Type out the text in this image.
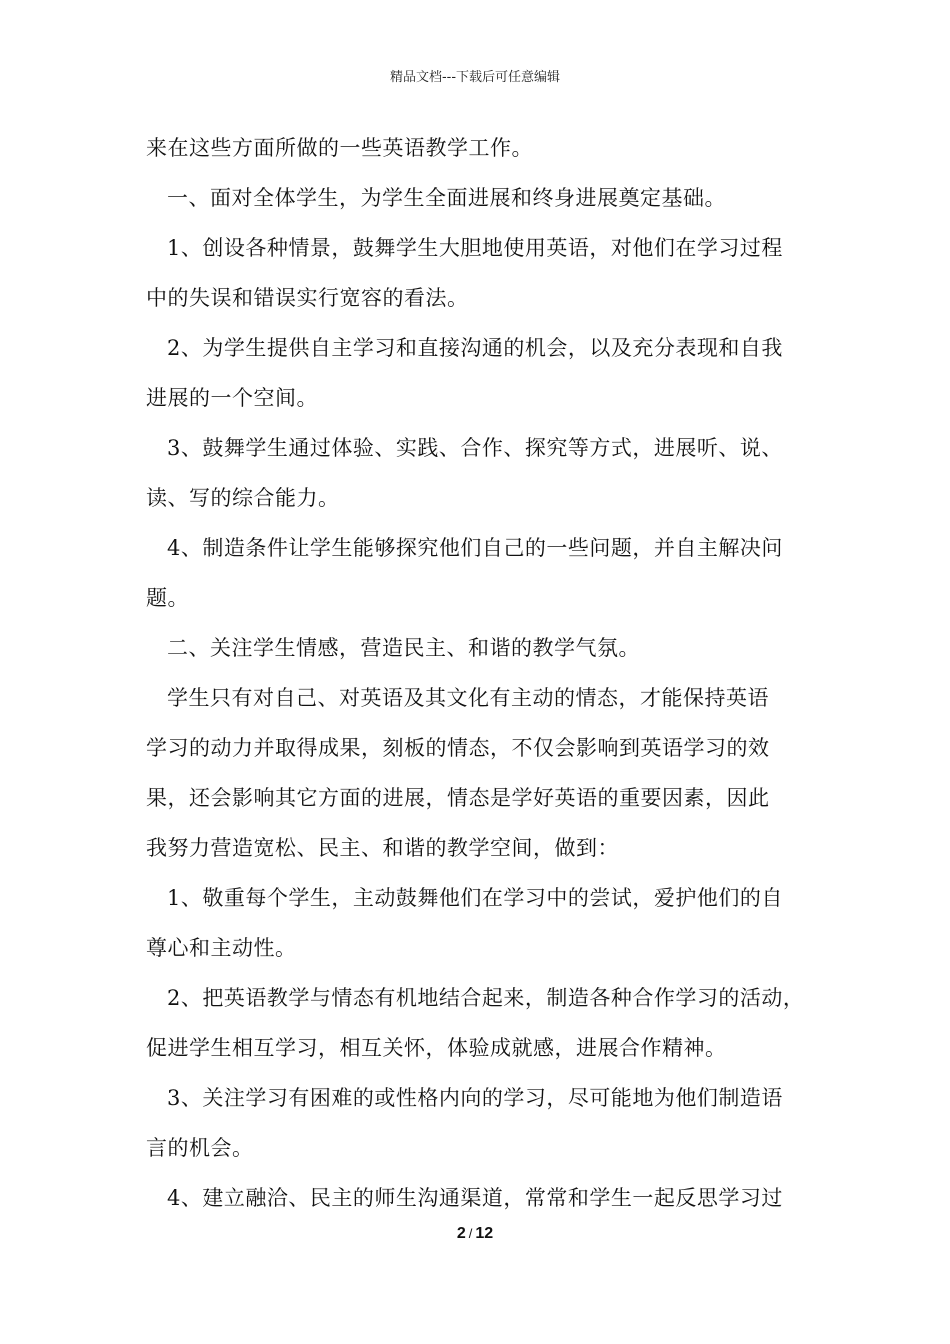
精品文档---下载后可任意编辑
来在这些方面所做的一些英语教学工作。
一、面对全体学生，为学生全面进展和终身进展奠定基础。
1、创设各种情景，鼓舞学生大胆地使用英语，对他们在学习过程
中的失误和错误实行宽容的看法。
2、为学生提供自主学习和直接沟通的机会，以及充分表现和自我
进展的一个空间。
3、鼓舞学生通过体验、实践、合作、探究等方式，进展听、说、
读、写的综合能力。
4、制造条件让学生能够探究他们自己的一些问题，并自主解决问
题。
二、关注学生情感，营造民主、和谐的教学气氛。
学生只有对自己、对英语及其文化有主动的情态，才能保持英语
学习的动力并取得成果，刻板的情态，不仅会影响到英语学习的效
果，还会影响其它方面的进展，情态是学好英语的重要因素，因此
我努力营造宽松、民主、和谐的教学空间，做到：
1、敬重每个学生，主动鼓舞他们在学习中的尝试，爱护他们的自
尊心和主动性。
2、把英语教学与情态有机地结合起来，制造各种合作学习的活动，
促进学生相互学习，相互关怀，体验成就感，进展合作精神。
3、关注学习有困难的或性格内向的学习，尽可能地为他们制造语
言的机会。
4、建立融洽、民主的师生沟通渠道，常常和学生一起反思学习过
2 / 12
